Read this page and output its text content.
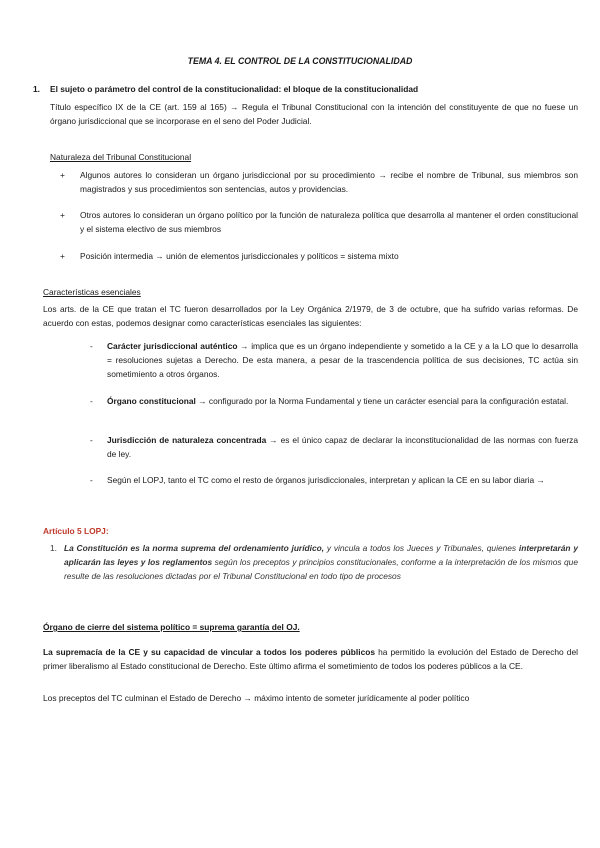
TEMA 4. EL CONTROL DE LA CONSTITUCIONALIDAD
1. El sujeto o parámetro del control de la constitucionalidad: el bloque de la constitucionalidad
Título específico IX de la CE (art. 159 al 165) → Regula el Tribunal Constitucional con la intención del constituyente de que no fuese un órgano jurisdiccional que se incorporase en el seno del Poder Judicial.
Naturaleza del Tribunal Constitucional
+ Algunos autores lo consideran un órgano jurisdiccional por su procedimiento → recibe el nombre de Tribunal, sus miembros son magistrados y sus procedimientos son sentencias, autos y providencias.
+ Otros autores lo consideran un órgano político por la función de naturaleza política que desarrolla al mantener el orden constitucional y el sistema electivo de sus miembros
+ Posición intermedia → unión de elementos jurisdiccionales y políticos = sistema mixto
Características esenciales
Los arts. de la CE que tratan el TC fueron desarrollados por la Ley Orgánica 2/1979, de 3 de octubre, que ha sufrido varias reformas. De acuerdo con estas, podemos designar como características esenciales las siguientes:
- Carácter jurisdiccional auténtico → implica que es un órgano independiente y sometido a la CE y a la LO que lo desarrolla = resoluciones sujetas a Derecho. De esta manera, a pesar de la trascendencia política de sus decisiones, TC actúa sin sometimiento a otros órganos.
- Órgano constitucional → configurado por la Norma Fundamental y tiene un carácter esencial para la configuración estatal.
- Jurisdicción de naturaleza concentrada → es el único capaz de declarar la inconstitucionalidad de las normas con fuerza de ley.
- Según el LOPJ, tanto el TC como el resto de órganos jurisdiccionales, interpretan y aplican la CE en su labor diaria →
Artículo 5 LOPJ:
1. La Constitución es la norma suprema del ordenamiento jurídico, y vincula a todos los Jueces y Tribunales, quienes interpretarán y aplicarán las leyes y los reglamentos según los preceptos y principios constitucionales, conforme a la interpretación de los mismos que resulte de las resoluciones dictadas por el Tribunal Constitucional en todo tipo de procesos
Órgano de cierre del sistema político = suprema garantía del OJ.
La supremacía de la CE y su capacidad de vincular a todos los poderes públicos ha permitido la evolución del Estado de Derecho del primer liberalismo al Estado constitucional de Derecho. Este último afirma el sometimiento de todos los poderes públicos a la CE.
Los preceptos del TC culminan el Estado de Derecho → máximo intento de someter jurídicamente al poder político
